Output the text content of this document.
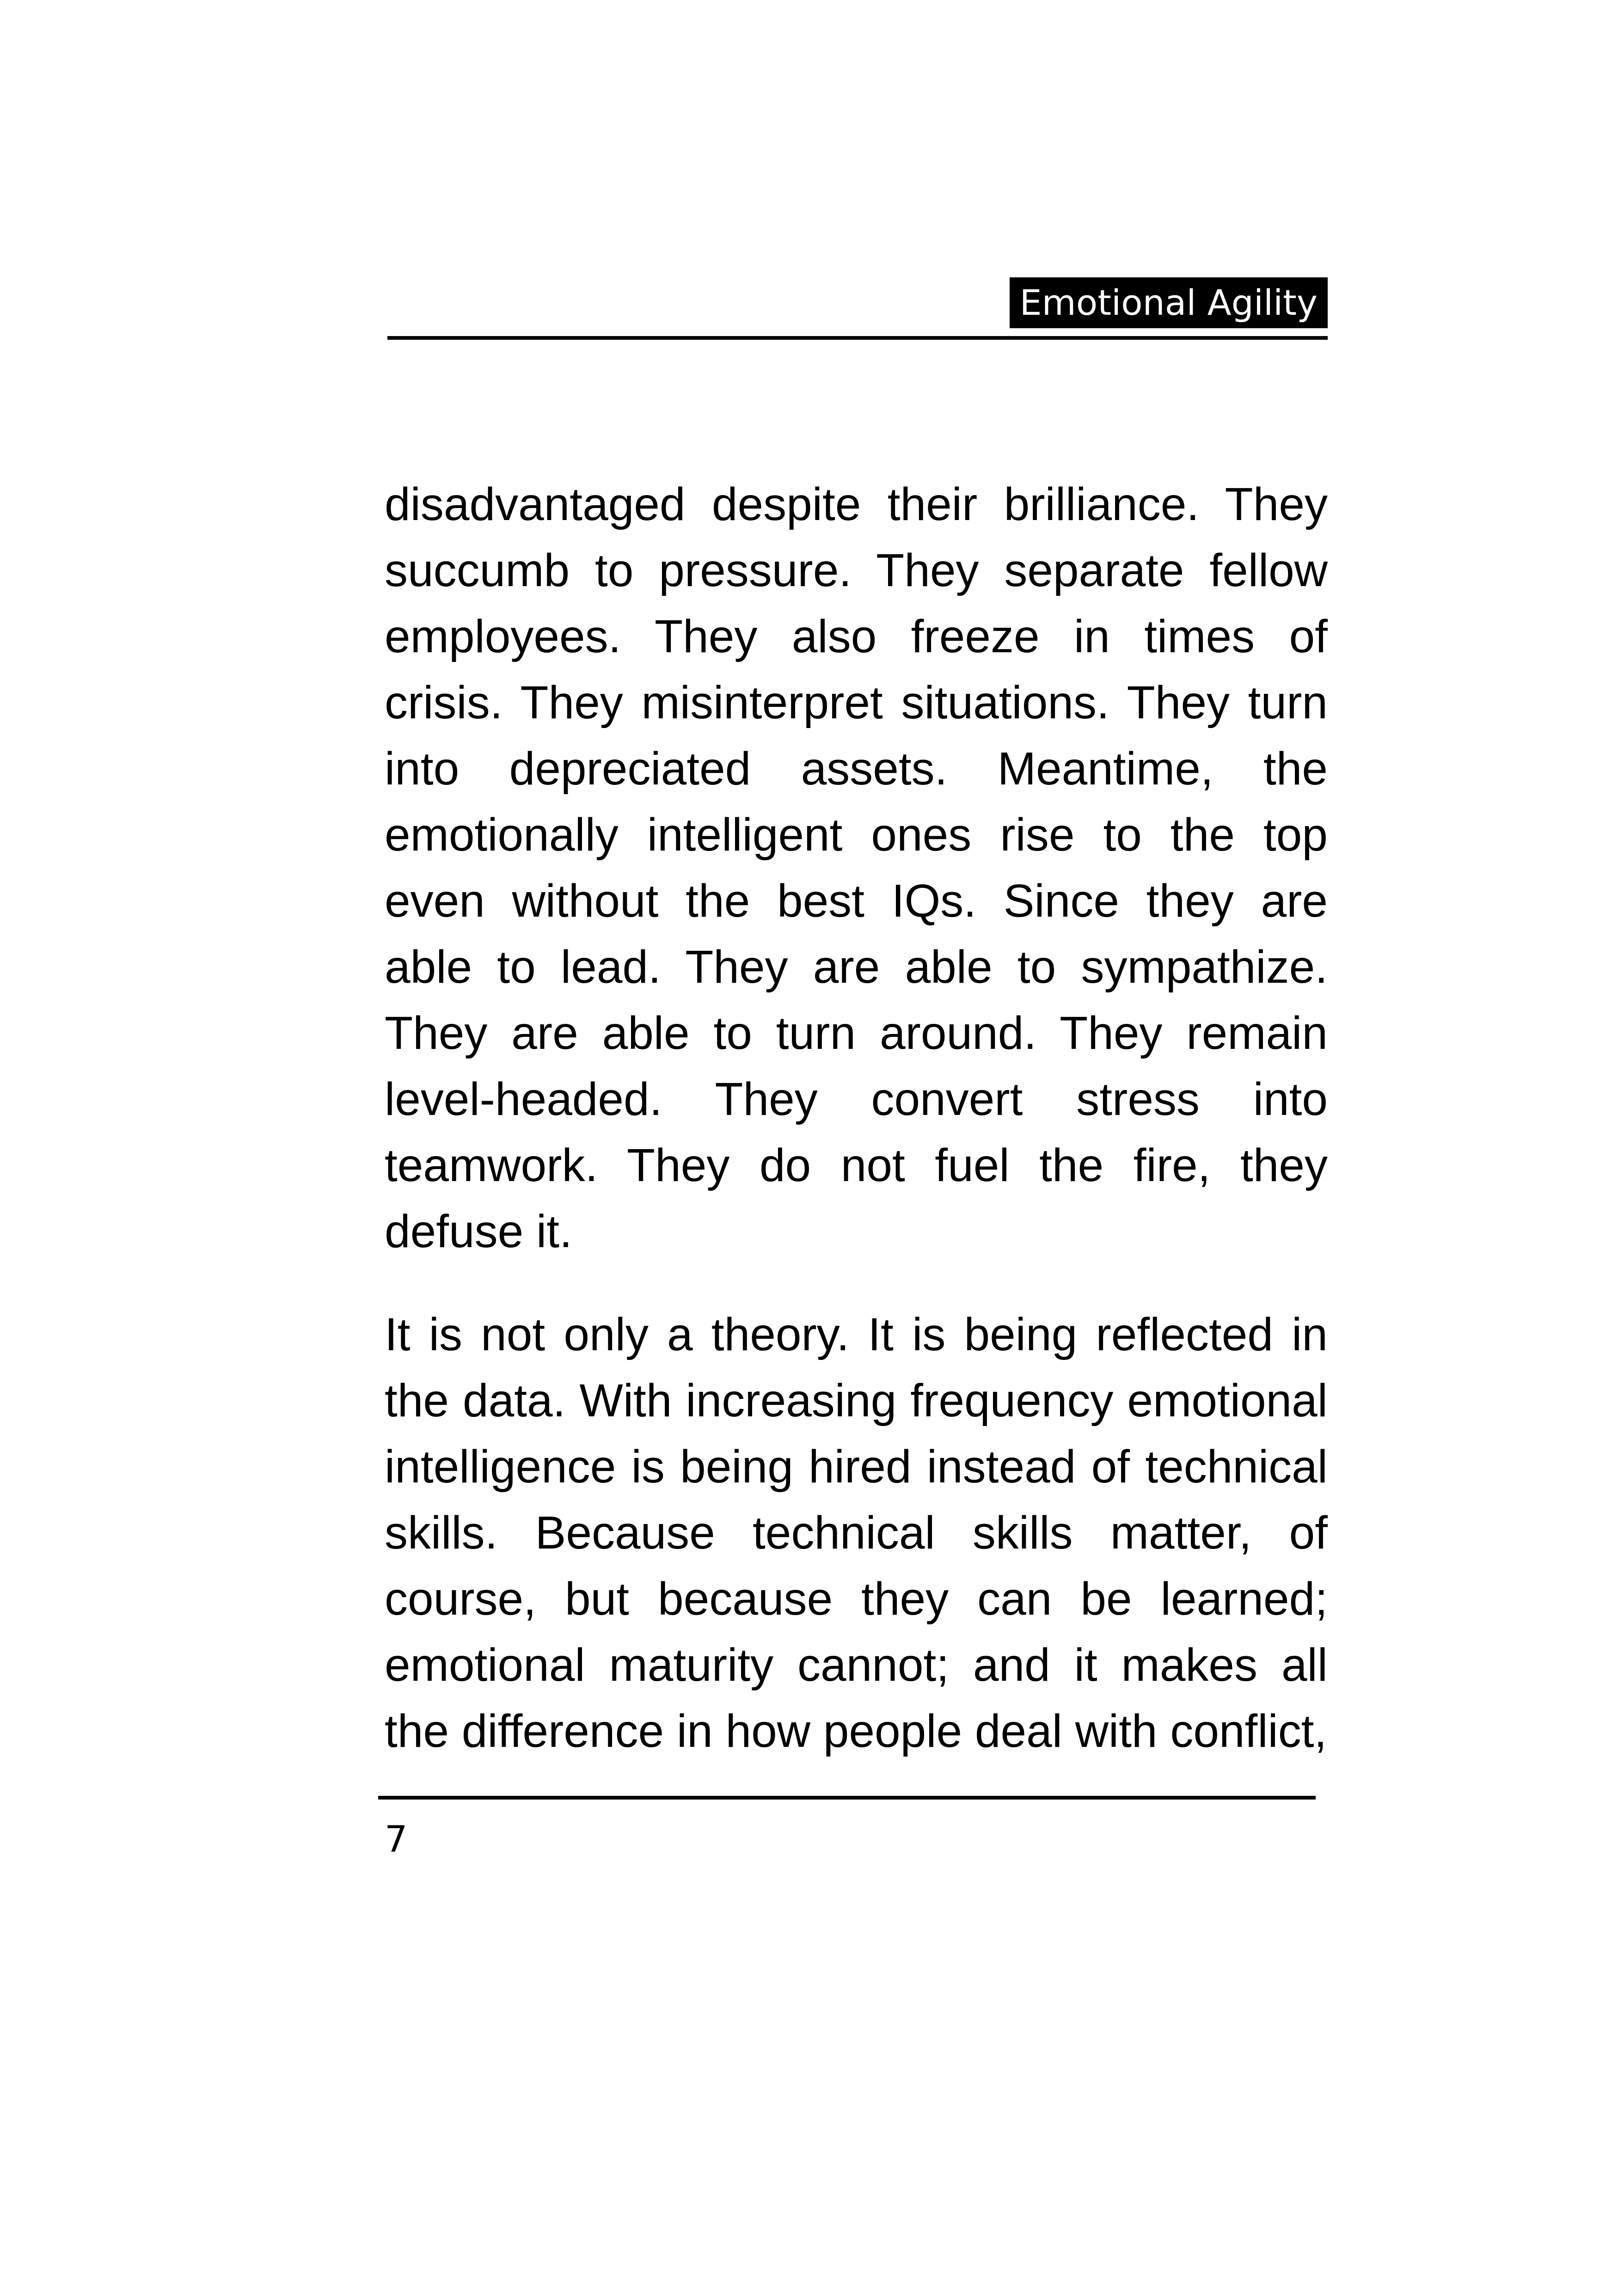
Emotional Agility

disadvantaged despite their brilliance. They succumb to pressure. They separate fellow employees. They also freeze in times of crisis. They misinterpret situations. They turn into depreciated assets. Meantime, the emotionally intelligent ones rise to the top even without the best IQs. Since they are able to lead. They are able to sympathize. They are able to turn around. They remain level-headed. They convert stress into teamwork. They do not fuel the fire, they defuse it.

It is not only a theory. It is being reflected in the data. With increasing frequency emotional intelligence is being hired instead of technical skills. Because technical skills matter, of course, but because they can be learned; emotional maturity cannot; and it makes all the difference in how people deal with conflict,

7
